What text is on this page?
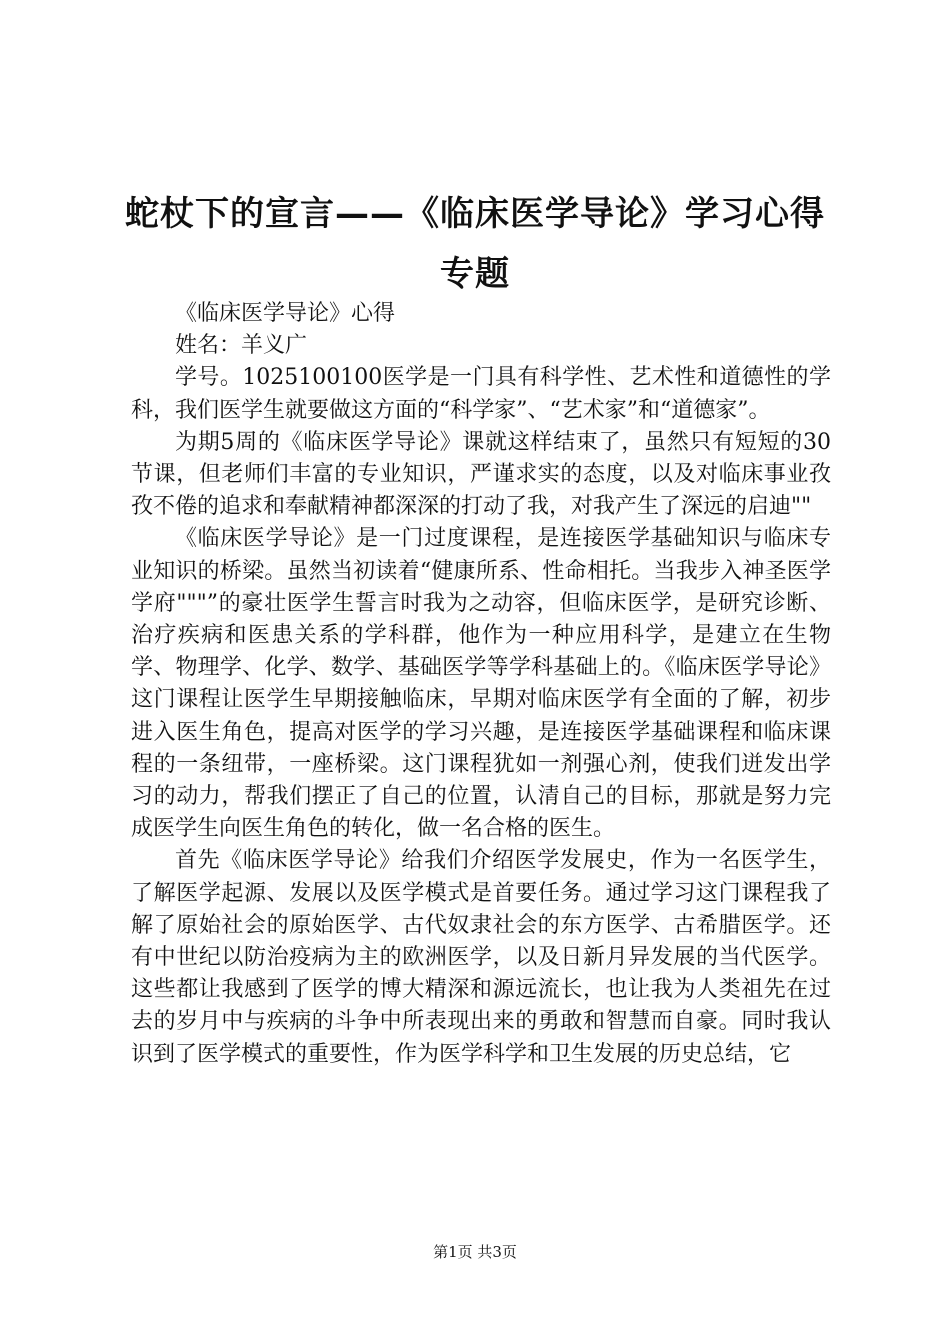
蛇杖下的宣言——《临床医学导论》学习心得专题

《临床医学导论》心得

姓名：羊义广

学号。1025100100医学是一门具有科学性、艺术性和道德性的学科，我们医学生就要做这方面的“科学家”、“艺术家”和“道德家”。

为期5周的《临床医学导论》课就这样结束了，虽然只有短短的30节课，但老师们丰富的专业知识，严谨求实的态度，以及对临床事业孜孜不倦的追求和奉献精神都深深的打动了我，对我产生了深远的启迪""

《临床医学导论》是一门过度课程，是连接医学基础知识与临床专业知识的桥梁。虽然当初读着“健康所系、性命相托。当我步入神圣医学学府"""”的豪壮医学生誓言时我为之动容，但临床医学，是研究诊断、治疗疾病和医患关系的学科群，他作为一种应用科学，是建立在生物学、物理学、化学、数学、基础医学等学科基础上的。《临床医学导论》这门课程让医学生早期接触临床，早期对临床医学有全面的了解，初步进入医生角色，提高对医学的学习兴趣，是连接医学基础课程和临床课程的一条纽带，一座桥梁。这门课程犹如一剂强心剂，使我们迸发出学习的动力，帮我们摆正了自己的位置，认清自己的目标，那就是努力完成医学生向医生角色的转化，做一名合格的医生。

首先《临床医学导论》给我们介绍医学发展史，作为一名医学生，了解医学起源、发展以及医学模式是首要任务。通过学习这门课程我了解了原始社会的原始医学、古代奴隶社会的东方医学、古希腊医学。还有中世纪以防治疫病为主的欧洲医学，以及日新月异发展的当代医学。这些都让我感到了医学的博大精深和源远流长，也让我为人类祖先在过去的岁月中与疾病的斗争中所表现出来的勇敢和智慧而自豪。同时我认识到了医学模式的重要性，作为医学科学和卫生发展的历史总结，它

第1页 共3页
